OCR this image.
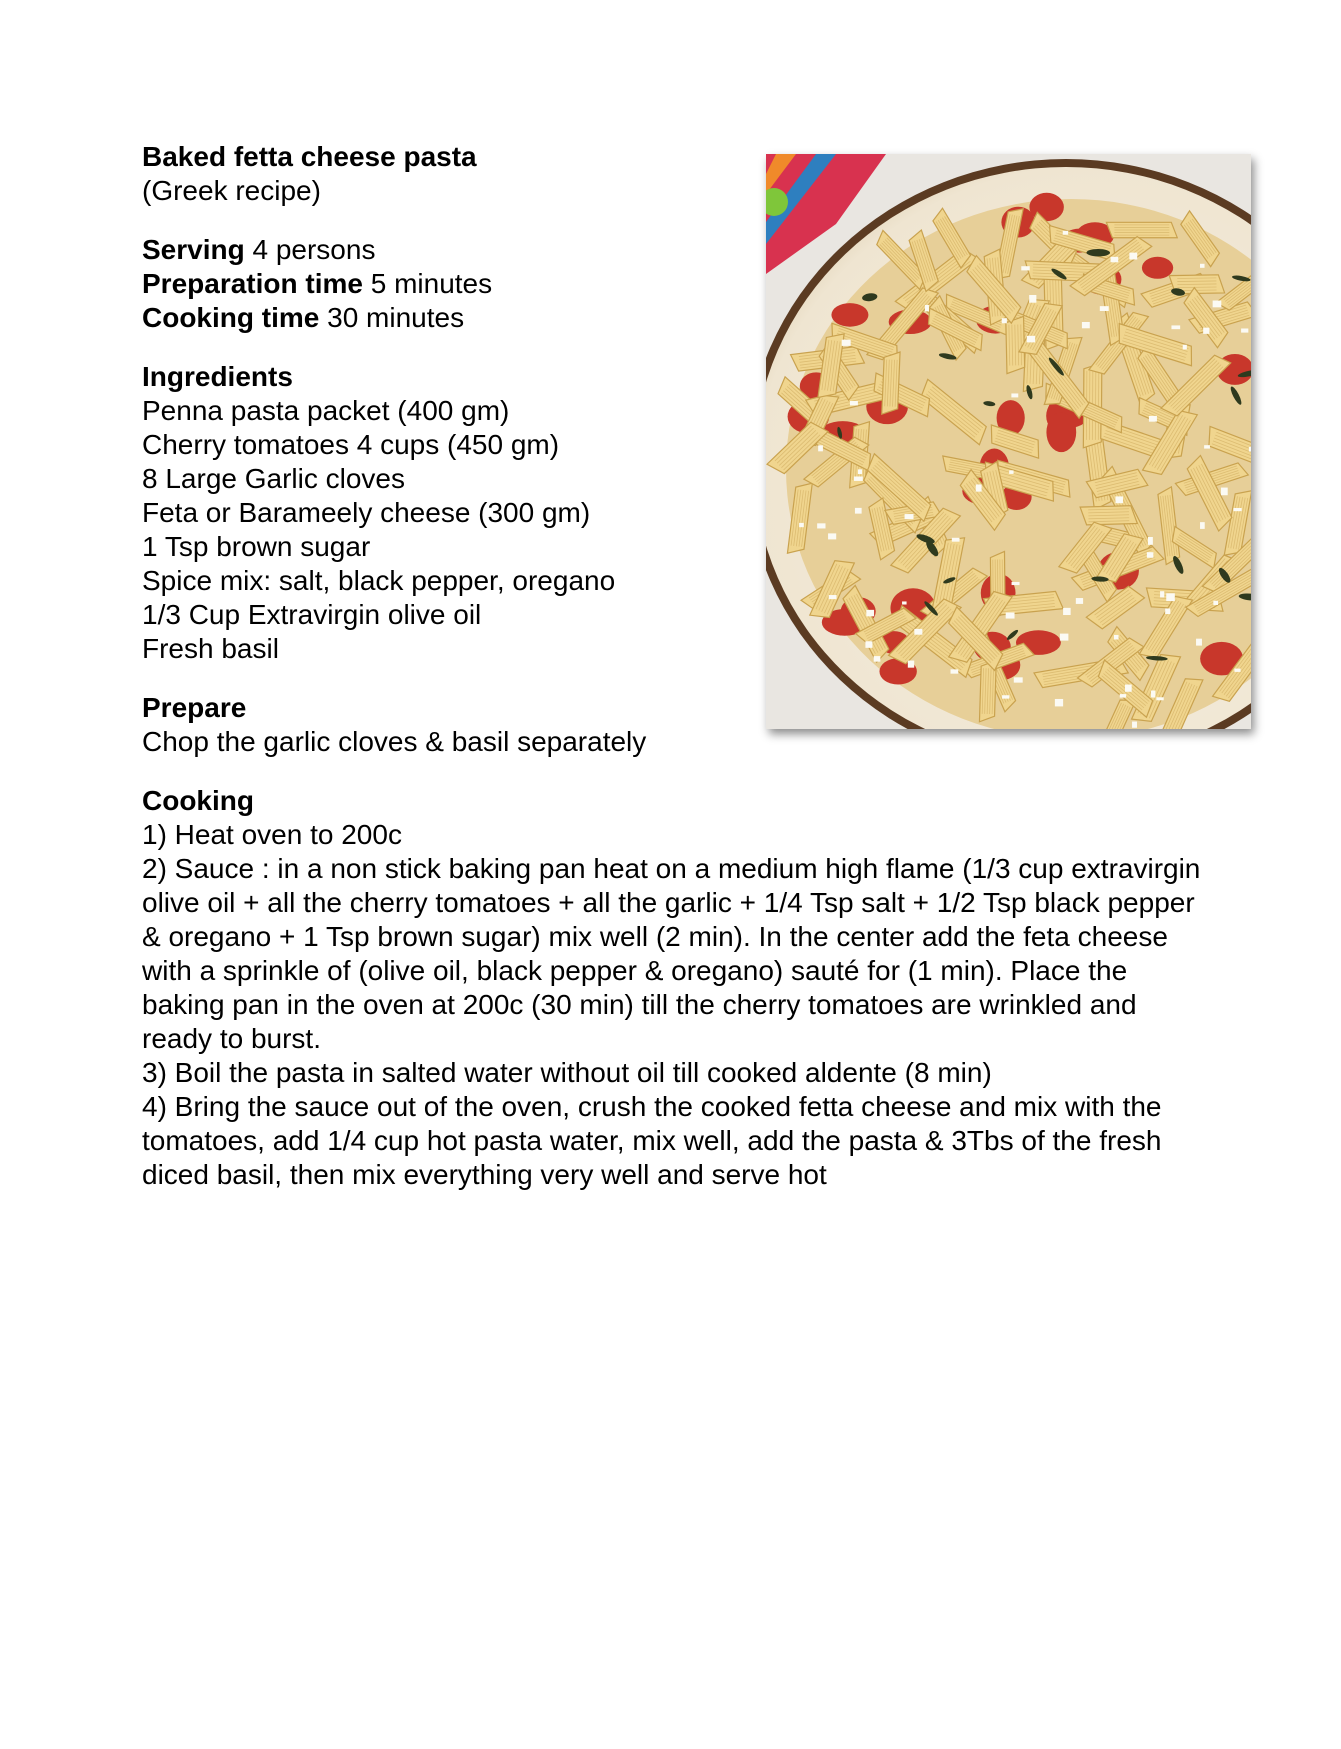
Baked fetta cheese pasta
(Greek recipe)
Serving 4 persons
Preparation time 5 minutes
Cooking time 30 minutes
Ingredients
Penna pasta packet (400 gm)
Cherry tomatoes 4 cups (450 gm)
8 Large Garlic cloves
Feta or Barameely cheese (300 gm)
1 Tsp brown sugar
Spice mix: salt, black pepper, oregano
1/3 Cup Extravirgin olive oil
Fresh basil
Prepare
Chop the garlic cloves & basil separately
Cooking
1) Heat oven to 200c
2) Sauce : in a non stick baking pan heat on a medium high flame (1/3 cup extravirgin olive oil + all the cherry tomatoes + all the garlic + 1/4 Tsp salt + 1/2 Tsp black pepper & oregano + 1 Tsp brown sugar) mix well (2 min). In the center add the feta cheese with a sprinkle of (olive oil, black pepper & oregano) sauté for (1 min). Place the baking pan in the oven at 200c (30 min) till the cherry tomatoes are wrinkled and ready to burst.
3) Boil the pasta in salted water without oil till cooked aldente (8 min)
4) Bring the sauce out of the oven, crush the cooked fetta cheese and mix with the tomatoes, add 1/4 cup hot pasta water, mix well, add the pasta & 3Tbs of the fresh diced basil, then mix everything very well and serve hot
